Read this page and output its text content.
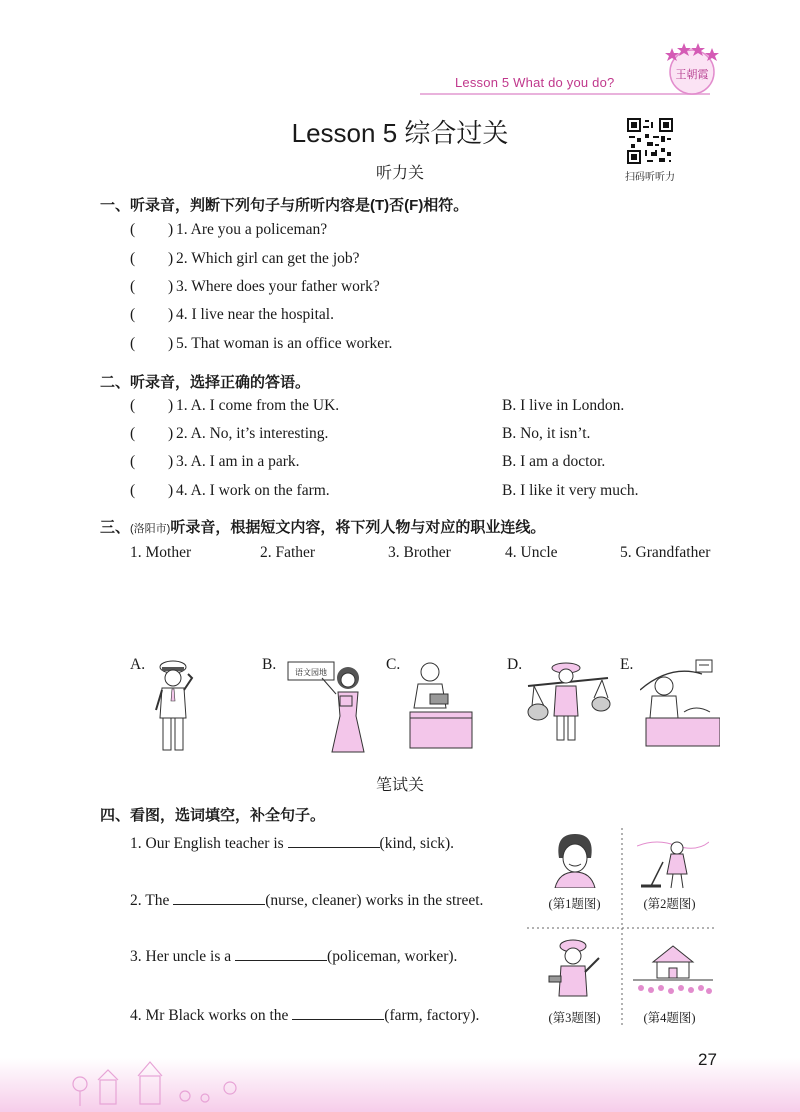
Lesson 5 What do you do?
王朝霞
Lesson 5 综合过关
听力关	扫码听听力
一、听录音，判断下列句子与所听内容是(T)否(F)相符。
( ) 1. Are you a policeman?
( ) 2. Which girl can get the job?
( ) 3. Where does your father work?
( ) 4. I live near the hospital.
( ) 5. That woman is an office worker.
二、听录音，选择正确的答语。
( ) 1. A. I come from the UK.	B. I live in London.
( ) 2. A. No, it’s interesting.	B. No, it isn’t.
( ) 3. A. I am in a park.	B. I am a doctor.
( ) 4. A. I work on the farm.	B. I like it very much.
三、(洛阳市)听录音，根据短文内容，将下列人物与对应的职业连线。
1. Mother	2. Father	3. Brother	4. Uncle	5. Grandfather
A.	B.	C.	D.	E.
语文园地
笔试关
四、看图，选词填空，补全句子。
1. Our English teacher is	(kind, sick).
2. The	(nurse, cleaner) works in the street.
3. Her uncle is a	(policeman, worker).
4. Mr Black works on the	(farm, factory).
(第1题图)	(第2题图)
(第3题图)	(第4题图)
27
